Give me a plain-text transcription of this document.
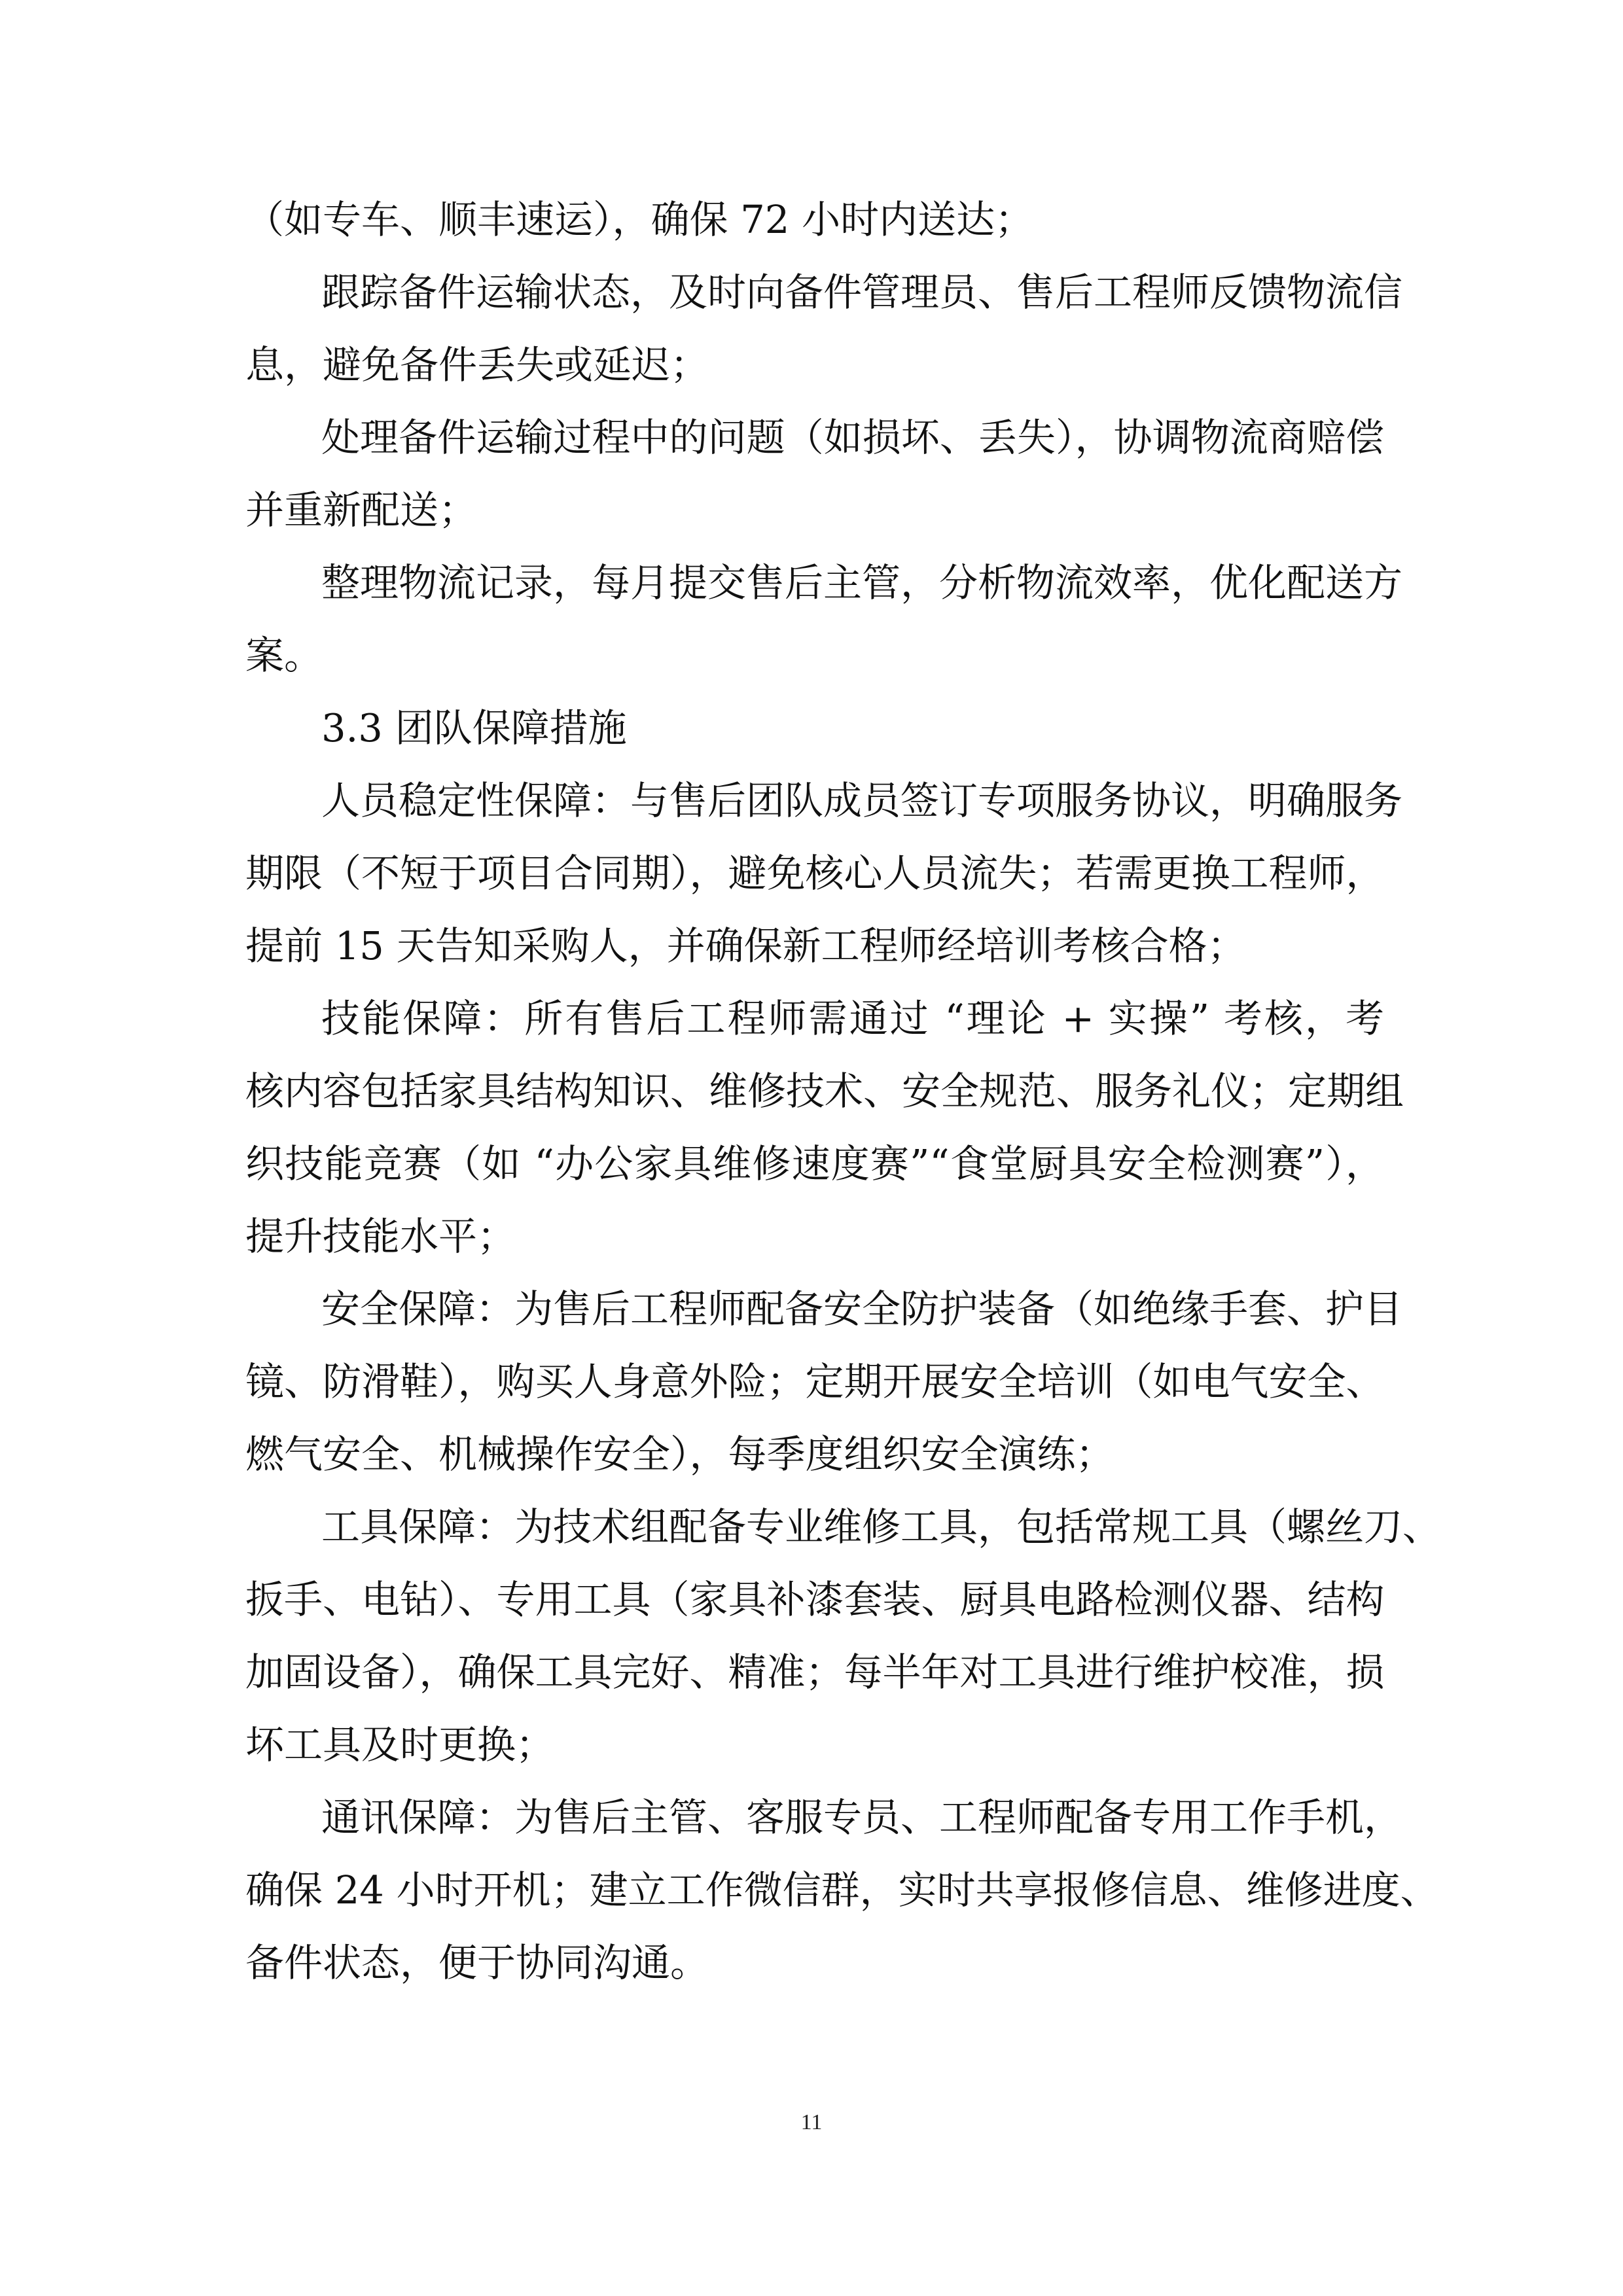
（如专车、顺丰速运），确保 72 小时内送达；
跟踪备件运输状态，及时向备件管理员、售后工程师反馈物流信
息，避免备件丢失或延迟；
处理备件运输过程中的问题（如损坏、丢失），协调物流商赔偿
并重新配送；
整理物流记录，每月提交售后主管，分析物流效率，优化配送方
案。
3.3 团队保障措施
人员稳定性保障：与售后团队成员签订专项服务协议，明确服务
期限（不短于项目合同期），避免核心人员流失；若需更换工程师，
提前 15 天告知采购人，并确保新工程师经培训考核合格；
技能保障：所有售后工程师需通过 “理论 + 实操” 考核，考
核内容包括家具结构知识、维修技术、安全规范、服务礼仪；定期组
织技能竞赛（如 “办公家具维修速度赛”“食堂厨具安全检测赛”），
提升技能水平；
安全保障：为售后工程师配备安全防护装备（如绝缘手套、护目
镜、防滑鞋），购买人身意外险；定期开展安全培训（如电气安全、
燃气安全、机械操作安全），每季度组织安全演练；
工具保障：为技术组配备专业维修工具，包括常规工具（螺丝刀、
扳手、电钻）、专用工具（家具补漆套装、厨具电路检测仪器、结构
加固设备），确保工具完好、精准；每半年对工具进行维护校准，损
坏工具及时更换；
通讯保障：为售后主管、客服专员、工程师配备专用工作手机，
确保 24 小时开机；建立工作微信群，实时共享报修信息、维修进度、
备件状态，便于协同沟通。
11
